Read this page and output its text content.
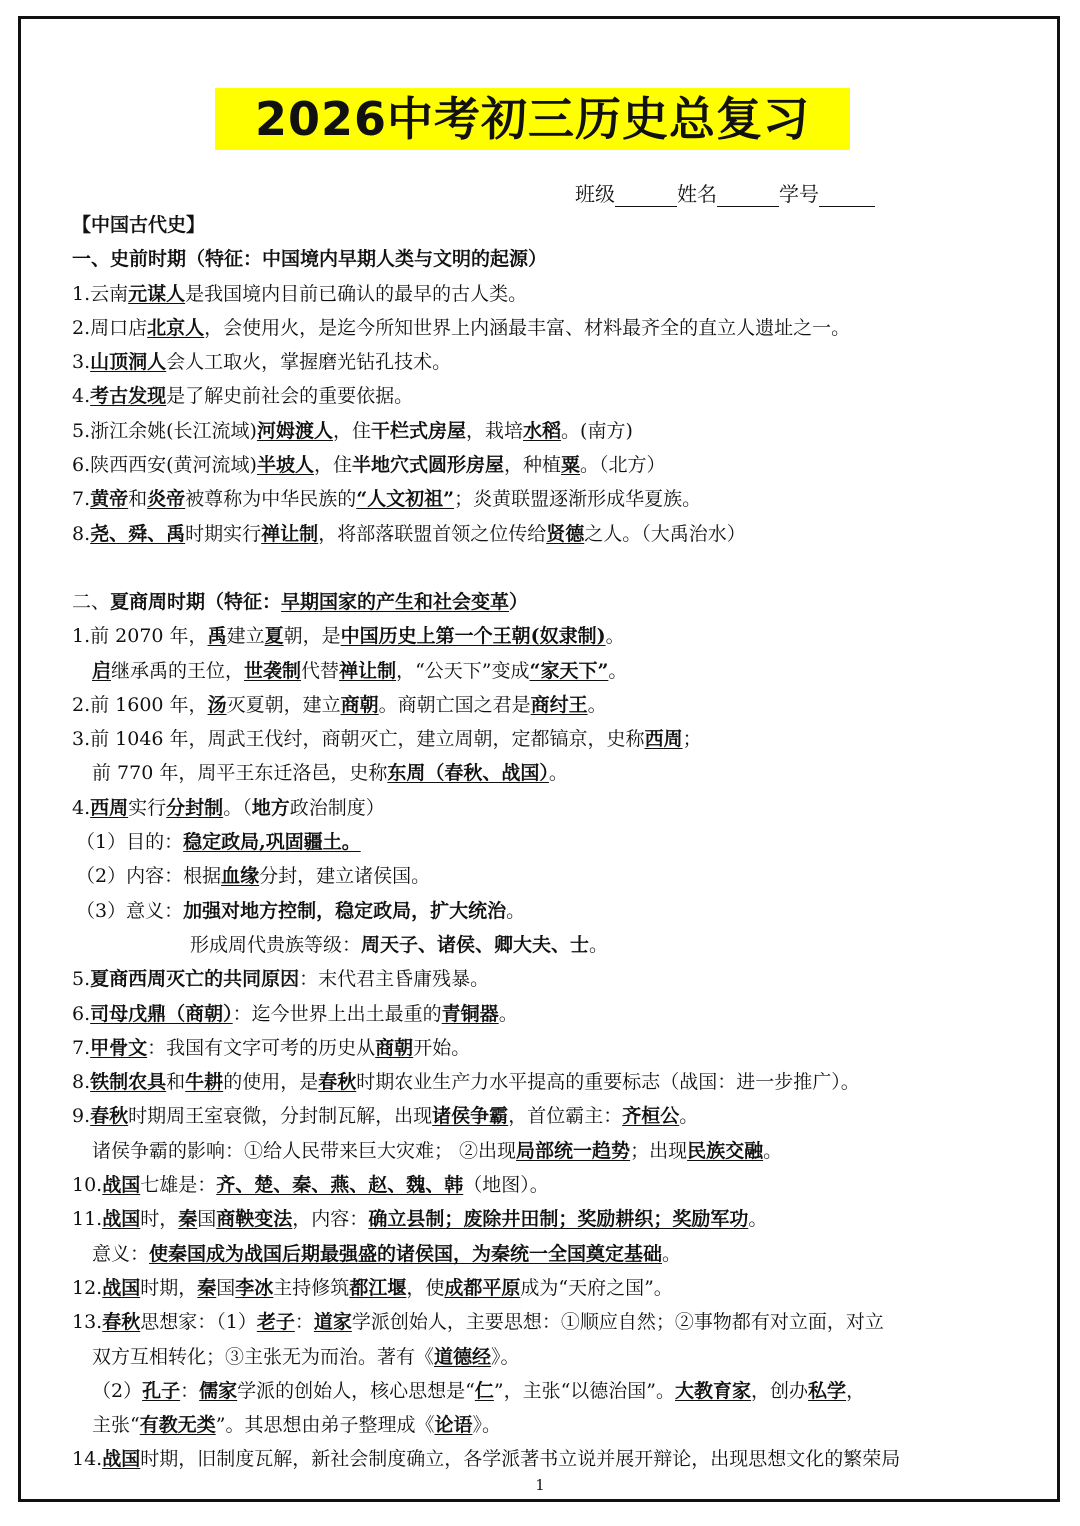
2026中考初三历史总复习
班级	姓名	学号
【中国古代史】
一、史前时期（特征：中国境内早期人类与文明的起源）
1.云南元谋人是我国境内目前已确认的最早的古人类。
2.周口店北京人，会使用火，是迄今所知世界上内涵最丰富、材料最齐全的直立人遗址之一。
3.山顶洞人会人工取火，掌握磨光钻孔技术。
4.考古发现是了解史前社会的重要依据。
5.浙江余姚(长江流域)河姆渡人，住干栏式房屋，栽培水稻。(南方)
6.陕西西安(黄河流域)半坡人，住半地穴式圆形房屋，种植粟。（北方）
7.黄帝和炎帝被尊称为中华民族的“人文初祖”；炎黄联盟逐渐形成华夏族。
8.尧、舜、禹时期实行禅让制，将部落联盟首领之位传给贤德之人。（大禹治水）
二、夏商周时期（特征：早期国家的产生和社会变革）
1.前 2070 年，禹建立夏朝，是中国历史上第一个王朝(奴隶制)。
启继承禹的王位，世袭制代替禅让制，“公天下”变成“家天下”。
2.前 1600 年，汤灭夏朝，建立商朝。商朝亡国之君是商纣王。
3.前 1046 年，周武王伐纣，商朝灭亡，建立周朝，定都镐京，史称西周；
前 770 年，周平王东迁洛邑，史称东周（春秋、战国）。
4.西周实行分封制。（地方政治制度）
（1）目的：稳定政局,巩固疆土。
（2）内容：根据血缘分封，建立诸侯国。
（3）意义：加强对地方控制，稳定政局，扩大统治。
形成周代贵族等级：周天子、诸侯、卿大夫、士。
5.夏商西周灭亡的共同原因：末代君主昏庸残暴。
6.司母戊鼎（商朝）：迄今世界上出土最重的青铜器。
7.甲骨文：我国有文字可考的历史从商朝开始。
8.铁制农具和牛耕的使用，是春秋时期农业生产力水平提高的重要标志（战国：进一步推广）。
9.春秋时期周王室衰微，分封制瓦解，出现诸侯争霸，首位霸主：齐桓公。
诸侯争霸的影响：①给人民带来巨大灾难； ②出现局部统一趋势；出现民族交融。
10.战国七雄是：齐、楚、秦、燕、赵、魏、韩（地图）。
11.战国时，秦国商鞅变法，内容：确立县制；废除井田制；奖励耕织；奖励军功。
意义：使秦国成为战国后期最强盛的诸侯国，为秦统一全国奠定基础。
12.战国时期，秦国李冰主持修筑都江堰，使成都平原成为“天府之国”。
13.春秋思想家：（1）老子：道家学派创始人，主要思想：①顺应自然；②事物都有对立面，对立
双方互相转化；③主张无为而治。著有《道德经》。
（2）孔子：儒家学派的创始人，核心思想是“仁”，主张“以德治国”。大教育家，创办私学，
主张“有教无类”。其思想由弟子整理成《论语》。
14.战国时期，旧制度瓦解，新社会制度确立，各学派著书立说并展开辩论，出现思想文化的繁荣局
1
